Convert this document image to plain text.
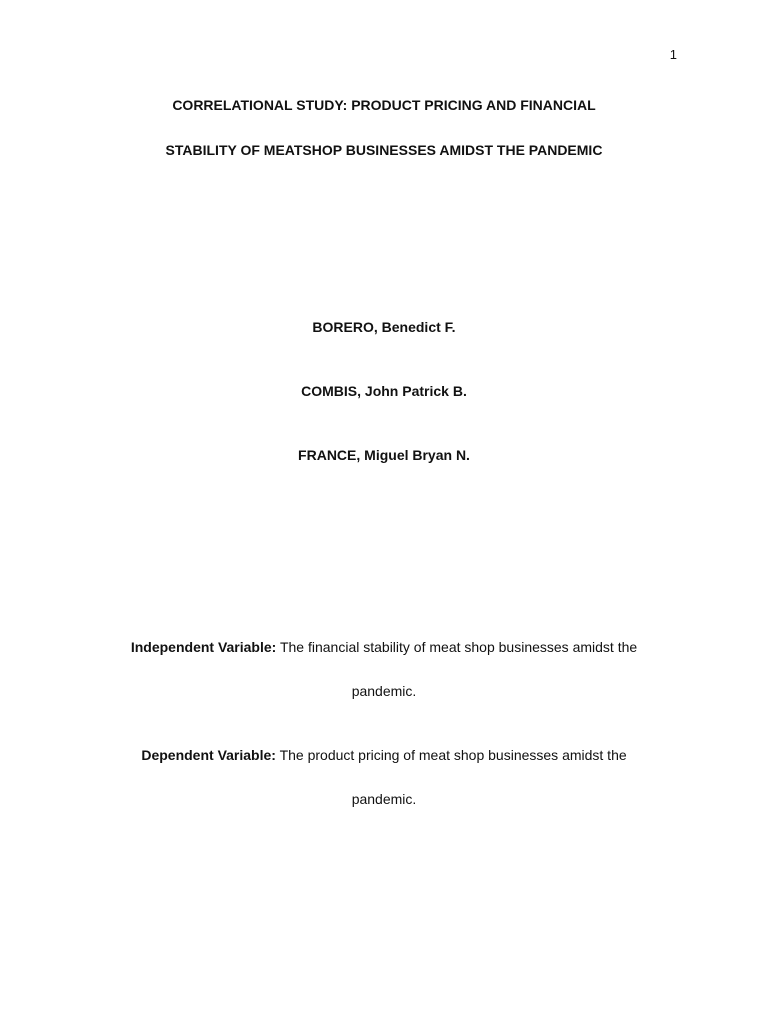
1
CORRELATIONAL STUDY: PRODUCT PRICING AND FINANCIAL
STABILITY OF MEATSHOP BUSINESSES AMIDST THE PANDEMIC
BORERO, Benedict F.
COMBIS, John Patrick B.
FRANCE, Miguel Bryan N.
Independent Variable: The financial stability of meat shop businesses amidst the
pandemic.
Dependent Variable: The product pricing of meat shop businesses amidst the
pandemic.
